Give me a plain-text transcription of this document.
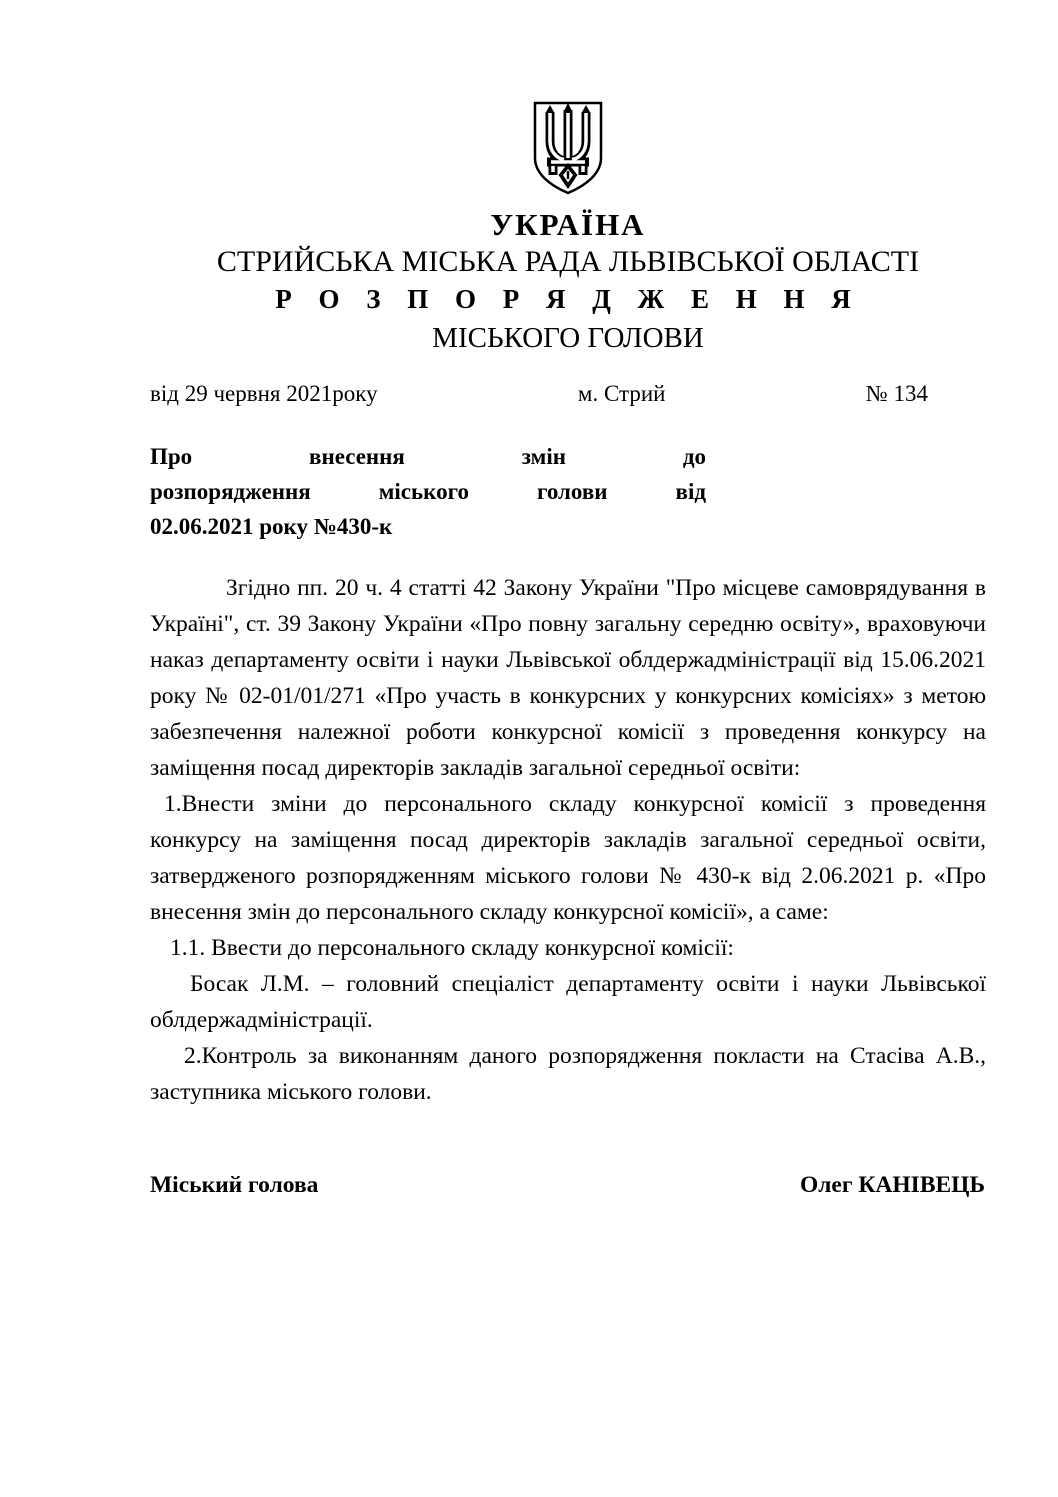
УКРАЇНА
СТРИЙСЬКА МІСЬКА РАДА ЛЬВІВСЬКОЇ ОБЛАСТІ
Р О З П О Р Я Д Ж Е Н Н Я
МІСЬКОГО ГОЛОВИ
від 29 червня 2021року	м. Стрий	№ 134
Про внесення змін до
розпорядження міського голови від
02.06.2021 року №430-к

Згідно пп. 20 ч. 4 статті 42 Закону України "Про місцеве самоврядування в Україні", ст. 39 Закону України «Про повну загальну середню освіту», враховуючи наказ департаменту освіти і науки Львівської облдержадміністрації від 15.06.2021 року № 02-01/01/271 «Про участь в конкурсних у конкурсних комісіях» з метою забезпечення належної роботи конкурсної комісії з проведення конкурсу на заміщення посад директорів закладів загальної середньої освіти:

1.Внести зміни до персонального складу конкурсної комісії з проведення конкурсу на заміщення посад директорів закладів загальної середньої освіти, затвердженого розпорядженням міського голови № 430-к від 2.06.2021 р. «Про внесення змін до персонального складу конкурсної комісії», а саме:

1.1. Ввести до персонального складу конкурсної комісії:

Босак Л.М. – головний спеціаліст департаменту освіти і науки Львівської облдержадміністрації.

2.Контроль за виконанням даного розпорядження покласти на Стасіва А.В., заступника міського голови.

Міський голова	Олег КАНІВЕЦЬ
